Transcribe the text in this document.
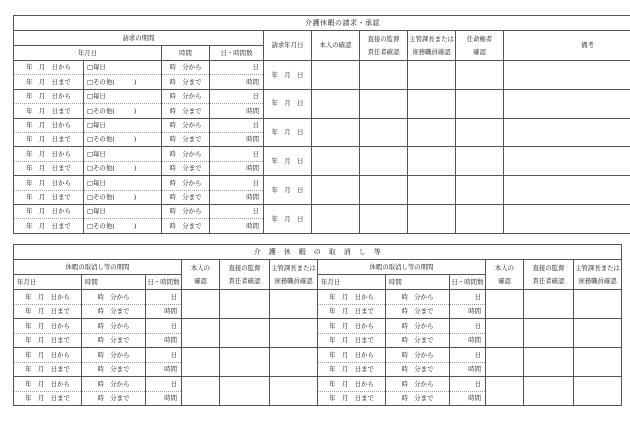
介護休暇の請求・承認									
請求の期間				請求年月日	本人の確認	直接の監督
責任者確認	主管課長または
庶務職員確認	任命権者
確認	備考
年月日		時間	日・時間数						
年　月　日から	□毎日	時　分から	日	年　月　日					
年　月　日まで	□その他(　　　)	時　分まで	時間						
年　月　日から	□毎日	時　分から	日	年　月　日					
年　月　日まで	□その他(　　　)	時　分まで	時間						
年　月　日から	□毎日	時　分から	日	年　月　日					
年　月　日まで	□その他(　　　)	時　分まで	時間						
年　月　日から	□毎日	時　分から	日	年　月　日					
年　月　日まで	□その他(　　　)	時　分まで	時間						
年　月　日から	□毎日	時　分から	日	年　月　日					
年　月　日まで	□その他(　　　)	時　分まで	時間						
年　月　日から	□毎日	時　分から	日	年　月　日					
年　月　日まで	□その他(　　　)	時　分まで	時間						
介　護　休　暇　の　取　消　し　等											
休暇の取消し等の期間			本人の
確認	直接の監督
責任者確認	主管課長または
庶務職員確認	休暇の取消し等の期間			本人の
確認	直接の監督
責任者確認	主管課長または
庶務職員確認

年月日	時間	日・時間数				年月日	時間	日・時間数			
年　月　日から	時　分から	日				年　月　日から	時　分から	日			
年　月　日まで	時　分まで	時間				年　月　日まで	時　分まで	時間			
年　月　日から	時　分から	日				年　月　日から	時　分から	日			
年　月　日まで	時　分まで	時間				年　月　日まで	時　分まで	時間			
年　月　日から	時　分から	日				年　月　日から	時　分から	日			
年　月　日まで	時　分まで	時間				年　月　日まで	時　分まで	時間			
年　月　日から	時　分から	日				年　月　日から	時　分から	日			
年　月　日まで	時　分まで	時間				年　月　日まで	時　分まで	時間			
